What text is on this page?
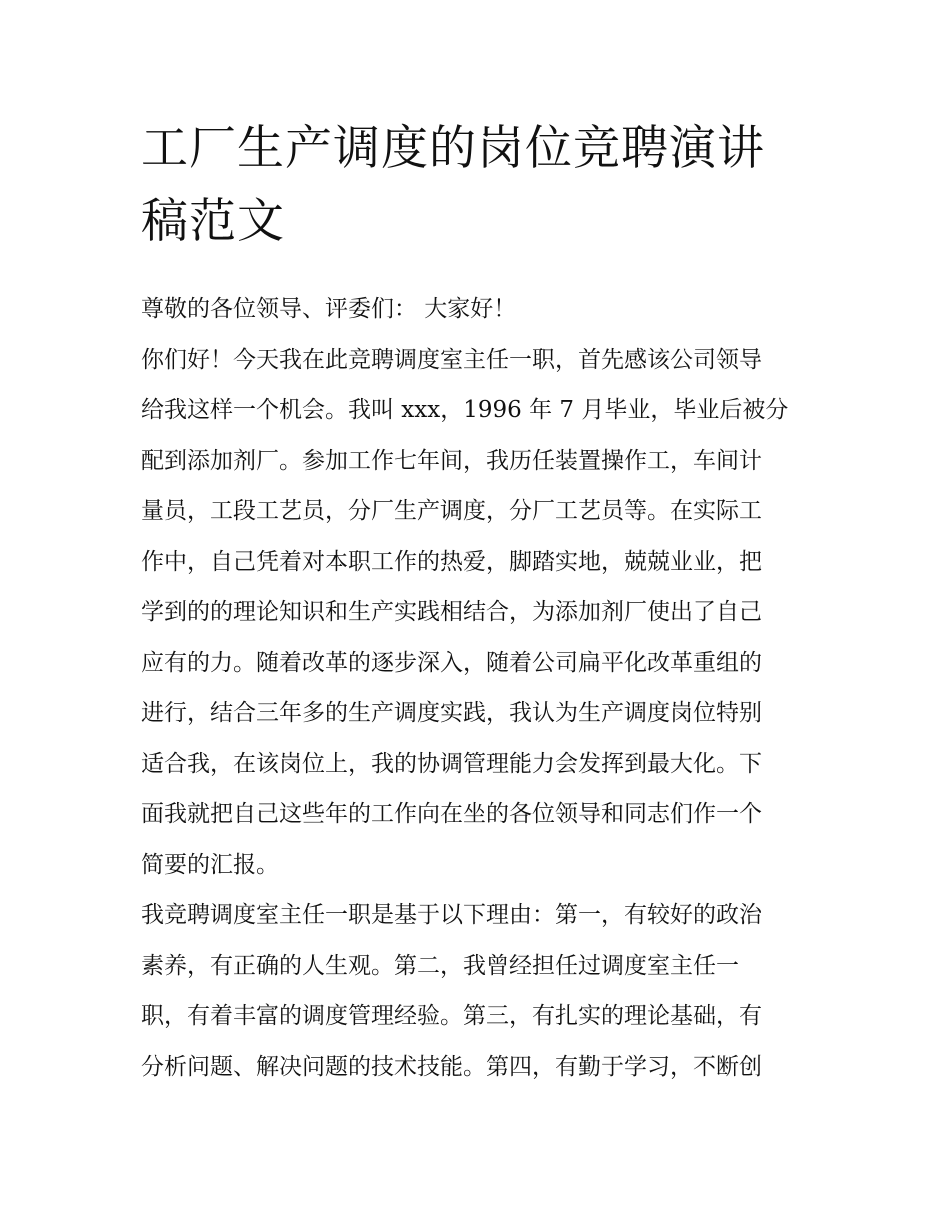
工厂生产调度的岗位竞聘演讲
稿范文

尊敬的各位领导、评委们： 大家好！

你们好！今天我在此竞聘调度室主任一职，首先感该公司领导

给我这样一个机会。我叫 xxx，1996 年 7 月毕业，毕业后被分

配到添加剂厂。参加工作七年间，我历任装置操作工，车间计

量员，工段工艺员，分厂生产调度，分厂工艺员等。在实际工

作中，自己凭着对本职工作的热爱，脚踏实地，兢兢业业，把

学到的的理论知识和生产实践相结合，为添加剂厂使出了自己

应有的力。随着改革的逐步深入，随着公司扁平化改革重组的

进行，结合三年多的生产调度实践，我认为生产调度岗位特别

适合我，在该岗位上，我的协调管理能力会发挥到最大化。下

面我就把自己这些年的工作向在坐的各位领导和同志们作一个

简要的汇报。

我竞聘调度室主任一职是基于以下理由：第一，有较好的政治

素养，有正确的人生观。第二，我曾经担任过调度室主任一

职，有着丰富的调度管理经验。第三，有扎实的理论基础，有

分析问题、解决问题的技术技能。第四，有勤于学习，不断创
